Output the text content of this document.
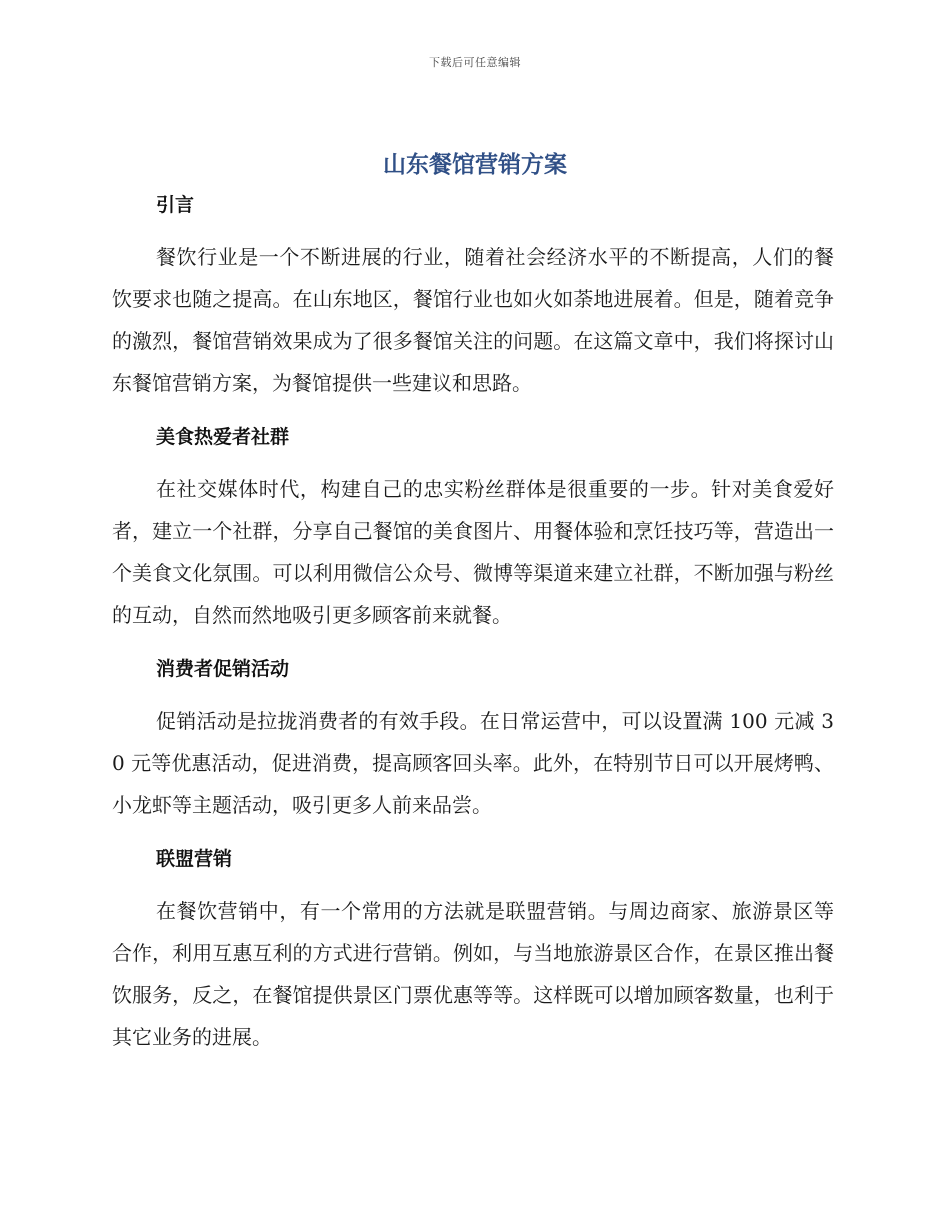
下载后可任意编辑
山东餐馆营销方案
引言

餐饮行业是一个不断进展的行业，随着社会经济水平的不断提高，人们的餐饮要求也随之提高。在山东地区，餐馆行业也如火如荼地进展着。但是，随着竞争的激烈，餐馆营销效果成为了很多餐馆关注的问题。在这篇文章中，我们将探讨山东餐馆营销方案，为餐馆提供一些建议和思路。

美食热爱者社群

在社交媒体时代，构建自己的忠实粉丝群体是很重要的一步。针对美食爱好者，建立一个社群，分享自己餐馆的美食图片、用餐体验和烹饪技巧等，营造出一个美食文化氛围。可以利用微信公众号、微博等渠道来建立社群，不断加强与粉丝的互动，自然而然地吸引更多顾客前来就餐。

消费者促销活动

促销活动是拉拢消费者的有效手段。在日常运营中，可以设置满 100 元减 30 元等优惠活动，促进消费，提高顾客回头率。此外，在特别节日可以开展烤鸭、小龙虾等主题活动，吸引更多人前来品尝。

联盟营销

在餐饮营销中，有一个常用的方法就是联盟营销。与周边商家、旅游景区等合作，利用互惠互利的方式进行营销。例如，与当地旅游景区合作，在景区推出餐饮服务，反之，在餐馆提供景区门票优惠等等。这样既可以增加顾客数量，也利于其它业务的进展。
